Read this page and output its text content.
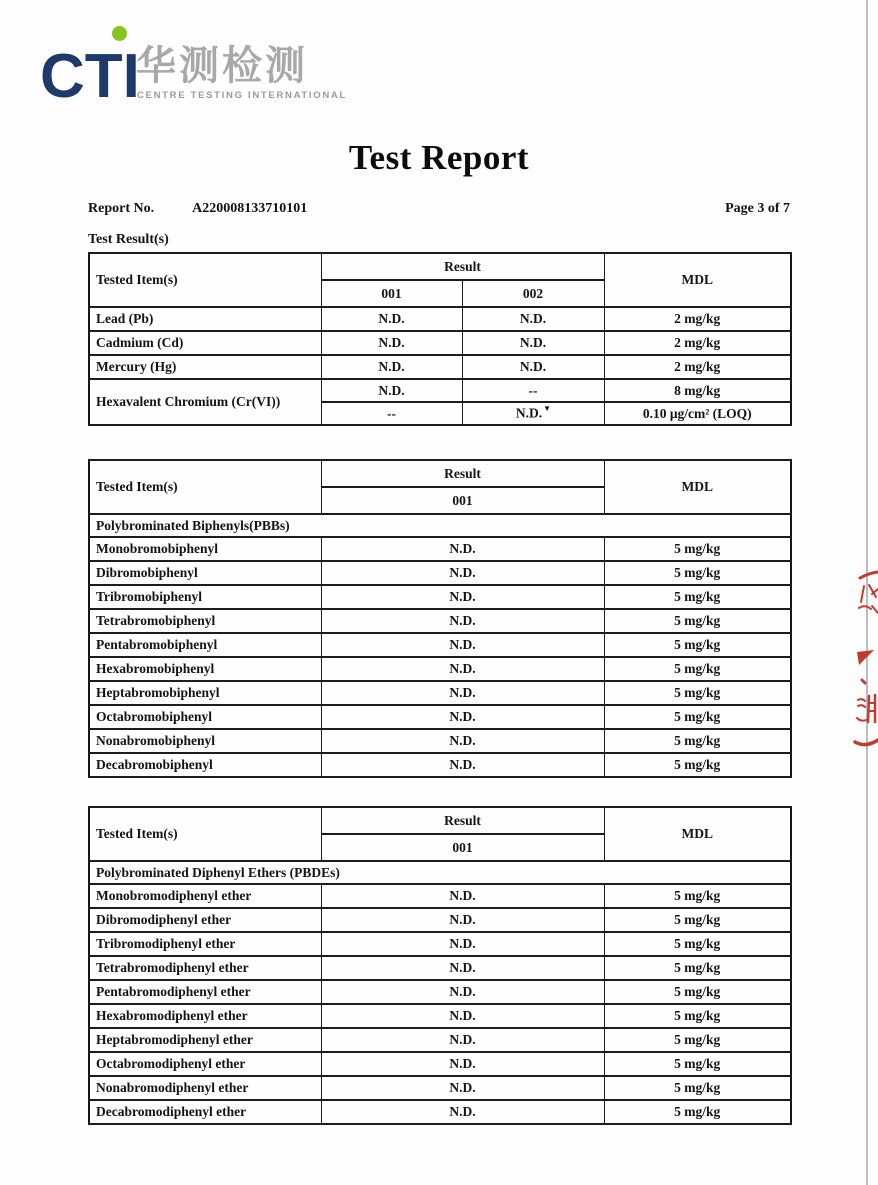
CTI
华测检测
CENTRE TESTING INTERNATIONAL
Test Report
Report No.	A220008133710101	Page 3 of 7
Test Result(s)
Tested Item(s)	Result		MDL
	001	002	
Lead (Pb)	N.D.	N.D.	2 mg/kg
Cadmium (Cd)	N.D.	N.D.	2 mg/kg
Mercury (Hg)	N.D.	N.D.	2 mg/kg
Hexavalent Chromium (Cr(VI))	N.D.	--	8 mg/kg
	--	N.D.▼	0.10 μg/cm² (LOQ)
Tested Item(s)	Result	MDL
	001	
Polybrominated Biphenyls(PBBs)		
Monobromobiphenyl	N.D.	5 mg/kg
Dibromobiphenyl	N.D.	5 mg/kg
Tribromobiphenyl	N.D.	5 mg/kg
Tetrabromobiphenyl	N.D.	5 mg/kg
Pentabromobiphenyl	N.D.	5 mg/kg
Hexabromobiphenyl	N.D.	5 mg/kg
Heptabromobiphenyl	N.D.	5 mg/kg
Octabromobiphenyl	N.D.	5 mg/kg
Nonabromobiphenyl	N.D.	5 mg/kg
Decabromobiphenyl	N.D.	5 mg/kg
Tested Item(s)	Result	MDL
	001	
Polybrominated Diphenyl Ethers (PBDEs)		
Monobromodiphenyl ether	N.D.	5 mg/kg
Dibromodiphenyl ether	N.D.	5 mg/kg
Tribromodiphenyl ether	N.D.	5 mg/kg
Tetrabromodiphenyl ether	N.D.	5 mg/kg
Pentabromodiphenyl ether	N.D.	5 mg/kg
Hexabromodiphenyl ether	N.D.	5 mg/kg
Heptabromodiphenyl ether	N.D.	5 mg/kg
Octabromodiphenyl ether	N.D.	5 mg/kg
Nonabromodiphenyl ether	N.D.	5 mg/kg
Decabromodiphenyl ether	N.D.	5 mg/kg
